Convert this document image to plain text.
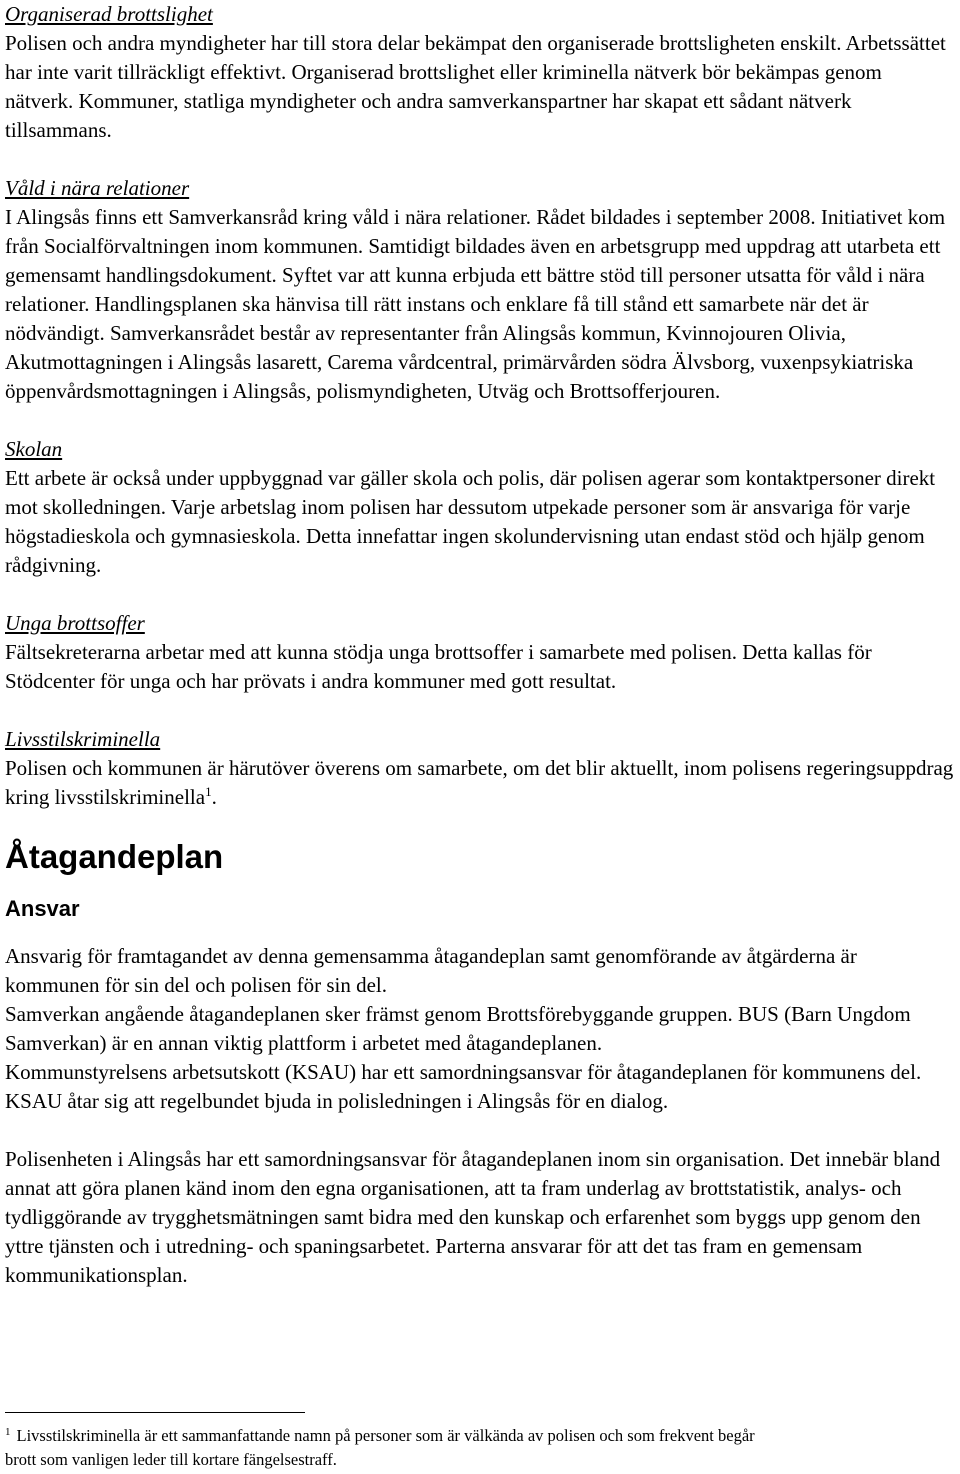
Organiserad brottslighet

Polisen och andra myndigheter har till stora delar bekämpat den organiserade brottsligheten enskilt. Arbetssättet har inte varit tillräckligt effektivt. Organiserad brottslighet eller kriminella nätverk bör bekämpas genom nätverk. Kommuner, statliga myndigheter och andra samverkanspartner har skapat ett sådant nätverk tillsammans.

Våld i nära relationer

I Alingsås finns ett Samverkansråd kring våld i nära relationer. Rådet bildades i september 2008. Initiativet kom från Socialförvaltningen inom kommunen. Samtidigt bildades även en arbetsgrupp med uppdrag att utarbeta ett gemensamt handlingsdokument. Syftet var att kunna erbjuda ett bättre stöd till personer utsatta för våld i nära relationer. Handlingsplanen ska hänvisa till rätt instans och enklare få till stånd ett samarbete när det är nödvändigt. Samverkansrådet består av representanter från Alingsås kommun, Kvinnojouren Olivia, Akutmottagningen i Alingsås lasarett, Carema vårdcentral, primärvården södra Älvsborg, vuxenpsykiatriska öppenvårdsmottagningen i Alingsås, polismyndigheten, Utväg och Brottsofferjouren.

Skolan

Ett arbete är också under uppbyggnad var gäller skola och polis, där polisen agerar som kontaktpersoner direkt mot skolledningen. Varje arbetslag inom polisen har dessutom utpekade personer som är ansvariga för varje högstadieskola och gymnasieskola. Detta innefattar ingen skolundervisning utan endast stöd och hjälp genom rådgivning.

Unga brottsoffer

Fältsekreterarna arbetar med att kunna stödja unga brottsoffer i samarbete med polisen. Detta kallas för Stödcenter för unga och har prövats i andra kommuner med gott resultat.

Livsstilskriminella

Polisen och kommunen är härutöver överens om samarbete, om det blir aktuellt, inom polisens regeringsuppdrag kring livsstilskriminella$^1$.

Åtagandeplan
Ansvar

Ansvarig för framtagandet av denna gemensamma åtagandeplan samt genomförande av åtgärderna är kommunen för sin del och polisen för sin del.

Samverkan angående åtagandeplanen sker främst genom Brottsförebyggande gruppen. BUS (Barn Ungdom Samverkan) är en annan viktig plattform i arbetet med åtagandeplanen.

Kommunstyrelsens arbetsutskott (KSAU) har ett samordningsansvar för åtagandeplanen för kommunens del. KSAU åtar sig att regelbundet bjuda in polisledningen i Alingsås för en dialog.

Polisenheten i Alingsås har ett samordningsansvar för åtagandeplanen inom sin organisation. Det innebär bland annat att göra planen känd inom den egna organisationen, att ta fram underlag av brottstatistik, analys- och tydliggörande av trygghetsmätningen samt bidra med den kunskap och erfarenhet som byggs upp genom den yttre tjänsten och i utredning- och spaningsarbetet. Parterna ansvarar för att det tas fram en gemensam kommunikationsplan.

$^1$ Livsstilskriminella är ett sammanfattande namn på personer som är välkända av polisen och som frekvent begår
brott som vanligen leder till kortare fängelsestraff.
